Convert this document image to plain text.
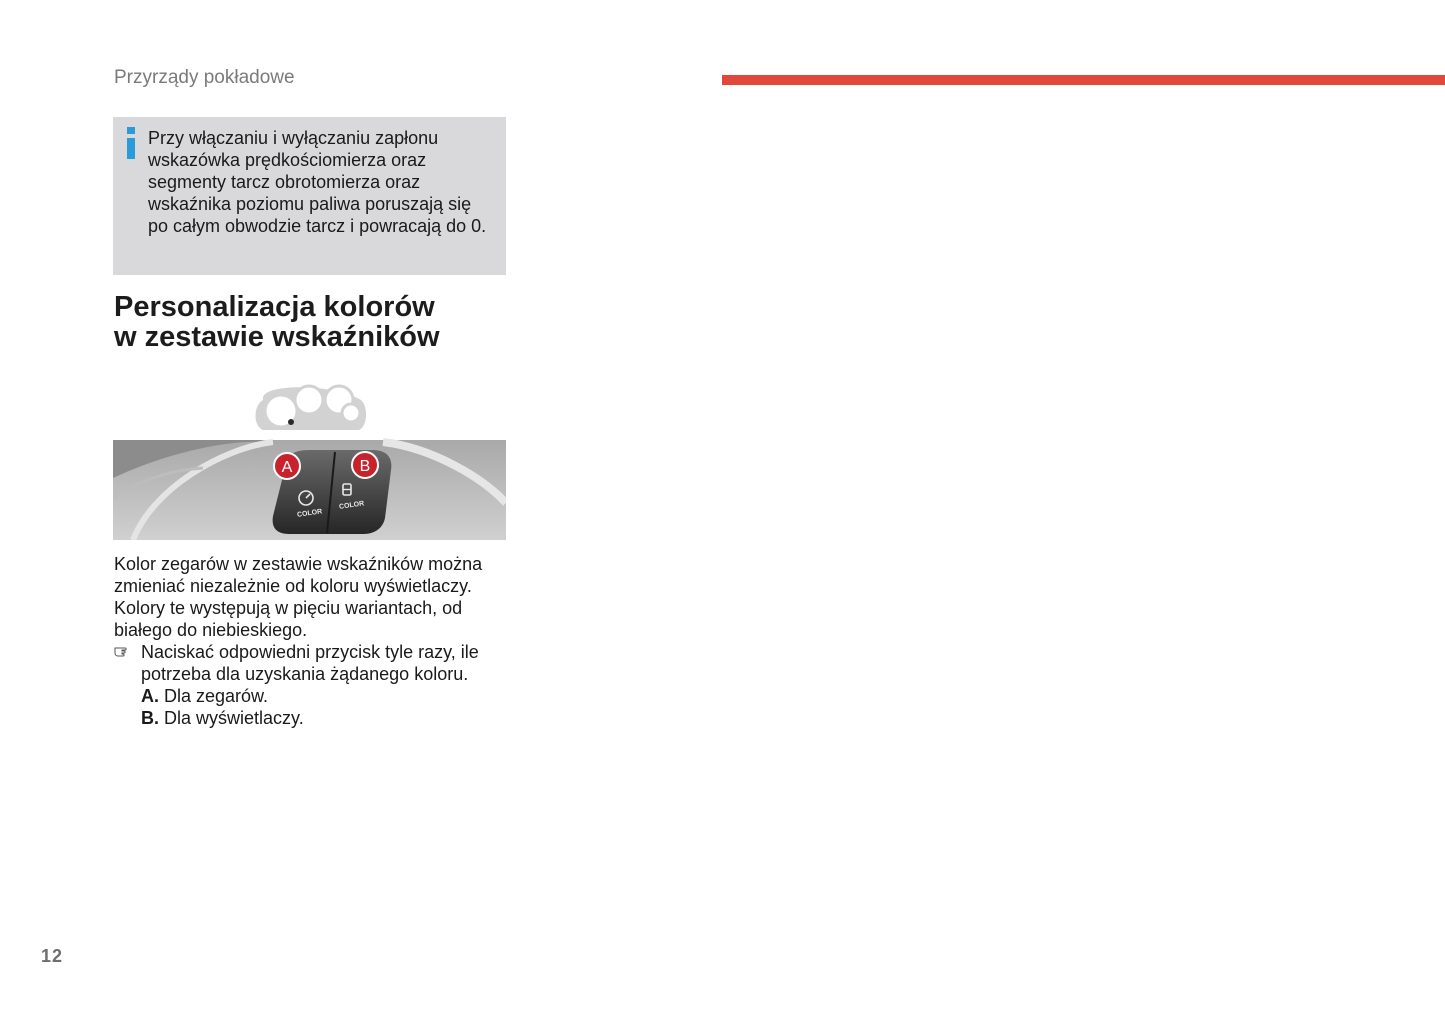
Przyrządy pokładowe
Przy włączaniu i wyłączaniu zapłonu
wskazówka prędkościomierza oraz
segmenty tarcz obrotomierza oraz
wskaźnika poziomu paliwa poruszają się
po całym obwodzie tarcz i powracają do 0.
Personalizacja kolorów
w zestawie wskaźników
COLOR
COLOR
A	B
Kolor zegarów w zestawie wskaźników można
zmieniać niezależnie od koloru wyświetlaczy.
Kolory te występują w pięciu wariantach, od
białego do niebieskiego.
Naciskać odpowiedni przycisk tyle razy, ile
potrzeba dla uzyskania żądanego koloru.
A. Dla zegarów.
B. Dla wyświetlaczy.
12
